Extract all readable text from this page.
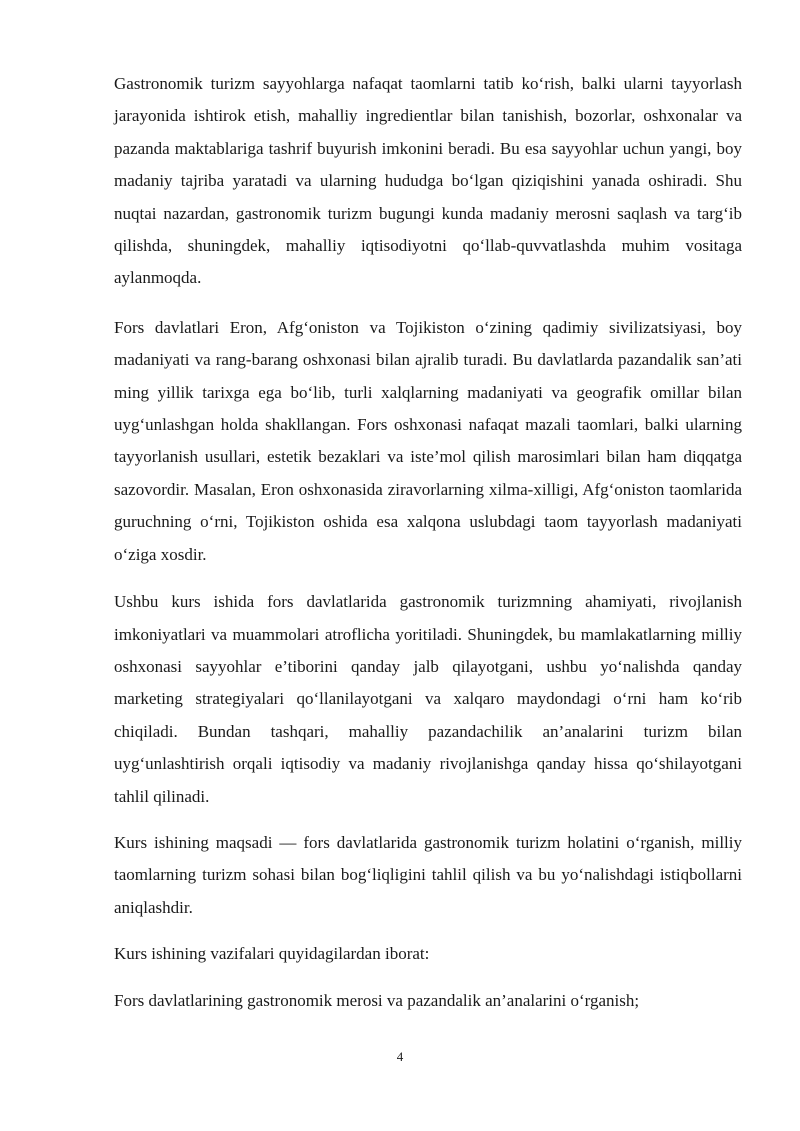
Gastronomik turizm sayyohlarga nafaqat taomlarni tatib koʻrish, balki ularni tayyorlash jarayonida ishtirok etish, mahalliy ingredientlar bilan tanishish, bozorlar, oshxonalar va pazanda maktablariga tashrif buyurish imkonini beradi. Bu esa sayyohlar uchun yangi, boy madaniy tajriba yaratadi va ularning hududga boʻlgan qiziqishini yanada oshiradi. Shu nuqtai nazardan, gastronomik turizm bugungi kunda madaniy merosni saqlash va targʻib qilishda, shuningdek, mahalliy iqtisodiyotni qoʻllab-quvvatlashda muhim vositaga aylanmoqda.

Fors davlatlari Eron, Afgʻoniston va Tojikiston oʻzining qadimiy sivilizatsiyasi, boy madaniyati va rang-barang oshxonasi bilan ajralib turadi. Bu davlatlarda pazandalik san’ati ming yillik tarixga ega boʻlib, turli xalqlarning madaniyati va geografik omillar bilan uygʻunlashgan holda shakllangan. Fors oshxonasi nafaqat mazali taomlari, balki ularning tayyorlanish usullari, estetik bezaklari va iste’mol qilish marosimlari bilan ham diqqatga sazovordir. Masalan, Eron oshxonasida ziravorlarning xilma-xilligi, Afgʻoniston taomlarida guruchning oʻrni, Tojikiston oshida esa xalqona uslubdagi taom tayyorlash madaniyati oʻziga xosdir.

Ushbu kurs ishida fors davlatlarida gastronomik turizmning ahamiyati, rivojlanish imkoniyatlari va muammolari atroflicha yoritiladi. Shuningdek, bu mamlakatlarning milliy oshxonasi sayyohlar e’tiborini qanday jalb qilayotgani, ushbu yoʻnalishda qanday marketing strategiyalari qoʻllanilayotgani va xalqaro maydondagi oʻrni ham koʻrib chiqiladi. Bundan tashqari, mahalliy pazandachilik an’analarini turizm bilan uygʻunlashtirish orqali iqtisodiy va madaniy rivojlanishga qanday hissa qoʻshilayotgani tahlil qilinadi.

Kurs ishining maqsadi — fors davlatlarida gastronomik turizm holatini oʻrganish, milliy taomlarning turizm sohasi bilan bogʻliqligini tahlil qilish va bu yoʻnalishdagi istiqbollarni aniqlashdir.

Kurs ishining vazifalari quyidagilardan iborat:

Fors davlatlarining gastronomik merosi va pazandalik an’analarini oʻrganish;

4
